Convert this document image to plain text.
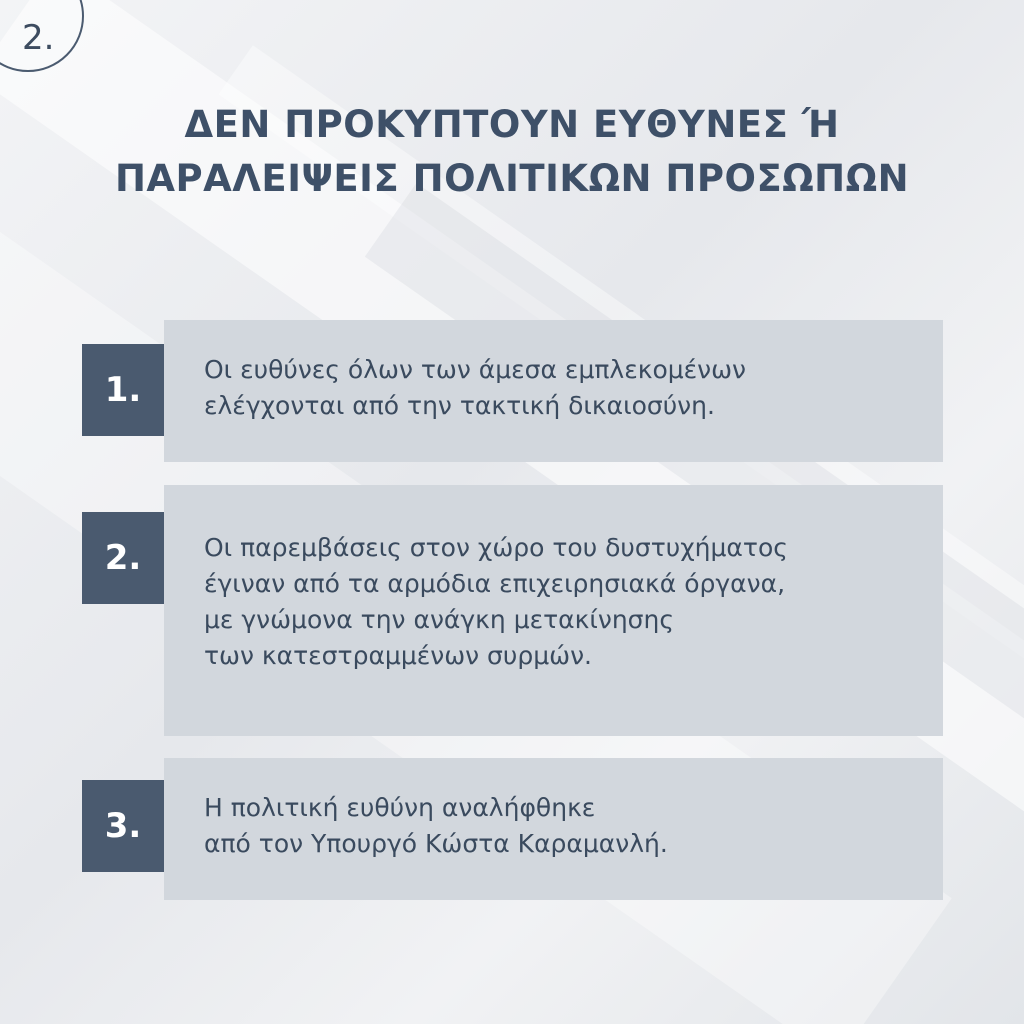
2.
ΔΕΝ ΠΡΟΚΥΠΤΟΥΝ ΕΥΘΥΝΕΣ Ή
ΠΑΡΑΛΕΙΨΕΙΣ ΠΟΛΙΤΙΚΩΝ ΠΡΟΣΩΠΩΝ
Οι ευθύνες όλων των άμεσα εμπλεκομένων
ελέγχονται από την τακτική δικαιοσύνη.
1.
Οι παρεμβάσεις στον χώρο του δυστυχήματος
έγιναν από τα αρμόδια επιχειρησιακά όργανα,
με γνώμονα την ανάγκη μετακίνησης
των κατεστραμμένων συρμών.
2.
Η πολιτική ευθύνη αναλήφθηκε
από τον Υπουργό Κώστα Καραμανλή.
3.
